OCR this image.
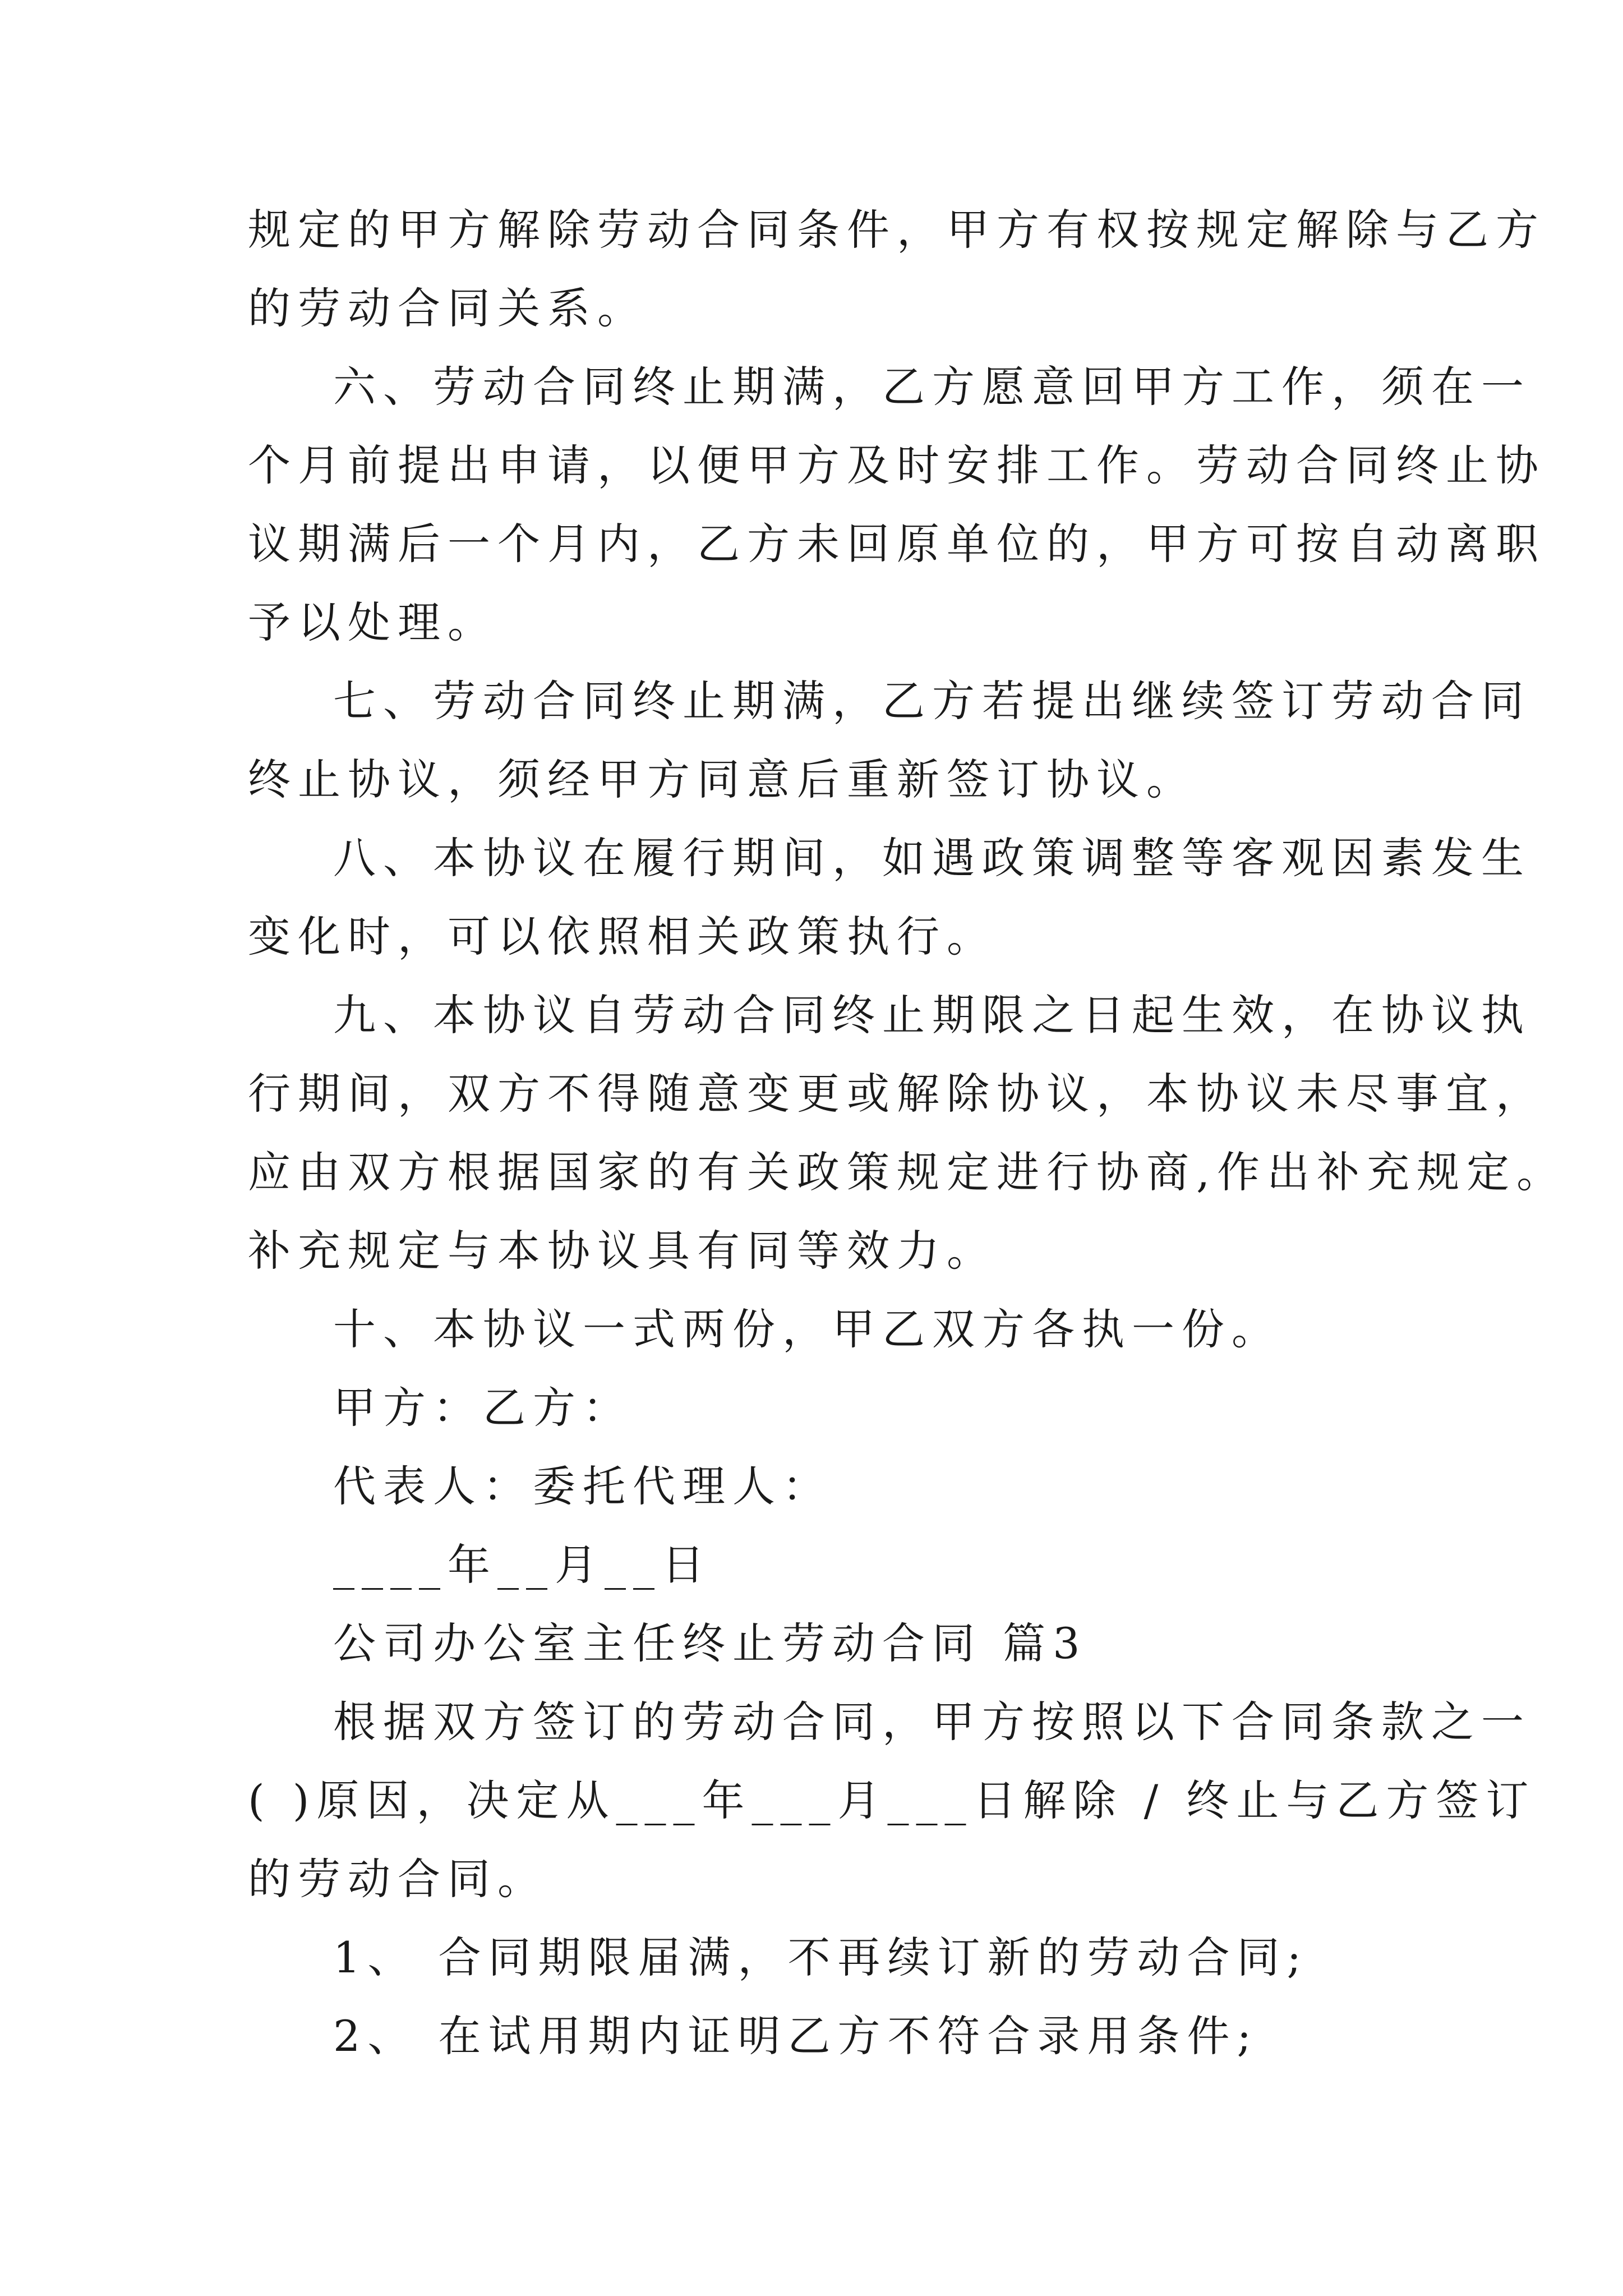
规定的甲方解除劳动合同条件，甲方有权按规定解除与乙方
的劳动合同关系。
六、劳动合同终止期满，乙方愿意回甲方工作，须在一
个月前提出申请，以便甲方及时安排工作。劳动合同终止协
议期满后一个月内，乙方未回原单位的，甲方可按自动离职
予以处理。
七、劳动合同终止期满，乙方若提出继续签订劳动合同
终止协议，须经甲方同意后重新签订协议。
八、本协议在履行期间，如遇政策调整等客观因素发生
变化时，可以依照相关政策执行。
九、本协议自劳动合同终止期限之日起生效，在协议执
行期间，双方不得随意变更或解除协议，本协议未尽事宜，
应由双方根据国家的有关政策规定进行协商,作出补充规定。
补充规定与本协议具有同等效力。
十、本协议一式两份，甲乙双方各执一份。
甲方：乙方：
代表人：委托代理人：
____年__月__日
公司办公室主任终止劳动合同 篇3
根据双方签订的劳动合同，甲方按照以下合同条款之一
( )原因，决定从___年___月___日解除 / 终止与乙方签订
的劳动合同。
1、 合同期限届满，不再续订新的劳动合同;
2、 在试用期内证明乙方不符合录用条件;
